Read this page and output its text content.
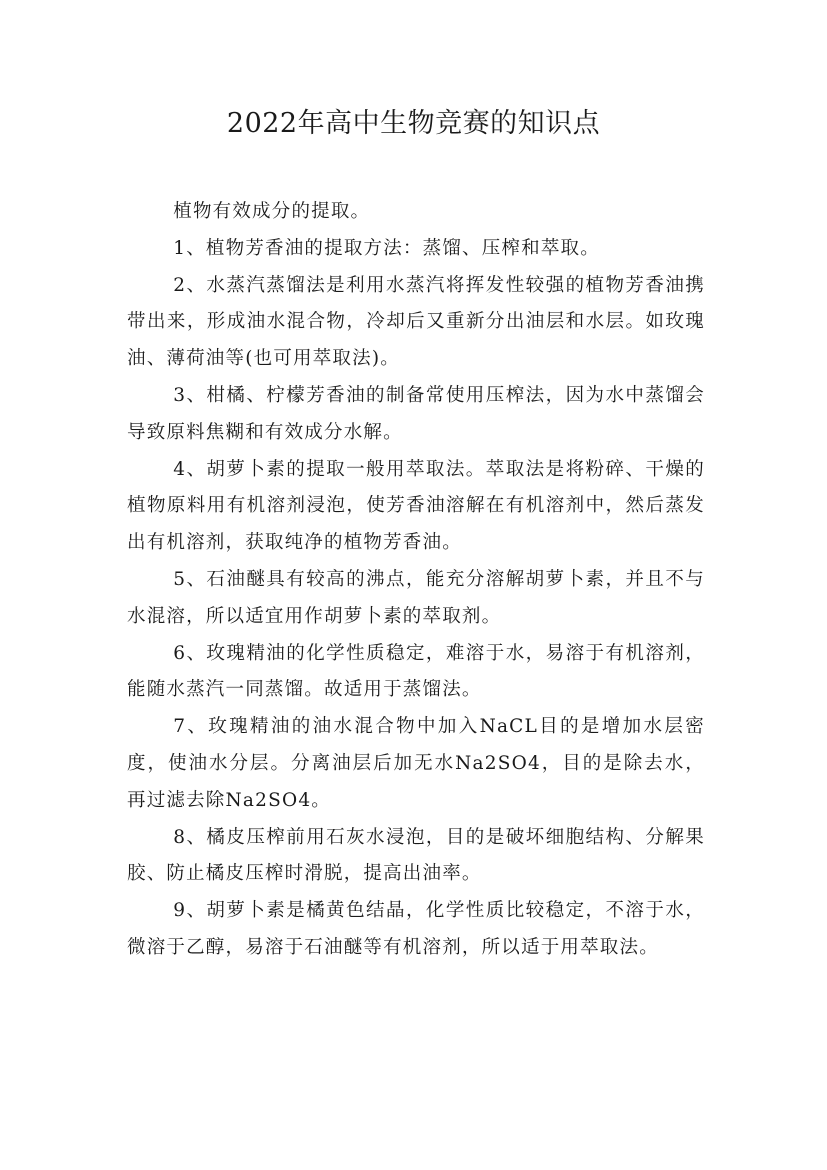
2022年高中生物竞赛的知识点

植物有效成分的提取。

1、植物芳香油的提取方法：蒸馏、压榨和萃取。

2、水蒸汽蒸馏法是利用水蒸汽将挥发性较强的植物芳香油携带出来，形成油水混合物，冷却后又重新分出油层和水层。如玫瑰油、薄荷油等(也可用萃取法)。

3、柑橘、柠檬芳香油的制备常使用压榨法，因为水中蒸馏会导致原料焦糊和有效成分水解。

4、胡萝卜素的提取一般用萃取法。萃取法是将粉碎、干燥的植物原料用有机溶剂浸泡，使芳香油溶解在有机溶剂中，然后蒸发出有机溶剂，获取纯净的植物芳香油。

5、石油醚具有较高的沸点，能充分溶解胡萝卜素，并且不与水混溶，所以适宜用作胡萝卜素的萃取剂。

6、玫瑰精油的化学性质稳定，难溶于水，易溶于有机溶剂，能随水蒸汽一同蒸馏。故适用于蒸馏法。

7、玫瑰精油的油水混合物中加入NaCL目的是增加水层密度，使油水分层。分离油层后加无水Na2SO4，目的是除去水，再过滤去除Na2SO4。

8、橘皮压榨前用石灰水浸泡，目的是破坏细胞结构、分解果胶、防止橘皮压榨时滑脱，提高出油率。

9、胡萝卜素是橘黄色结晶，化学性质比较稳定，不溶于水，微溶于乙醇，易溶于石油醚等有机溶剂，所以适于用萃取法。
